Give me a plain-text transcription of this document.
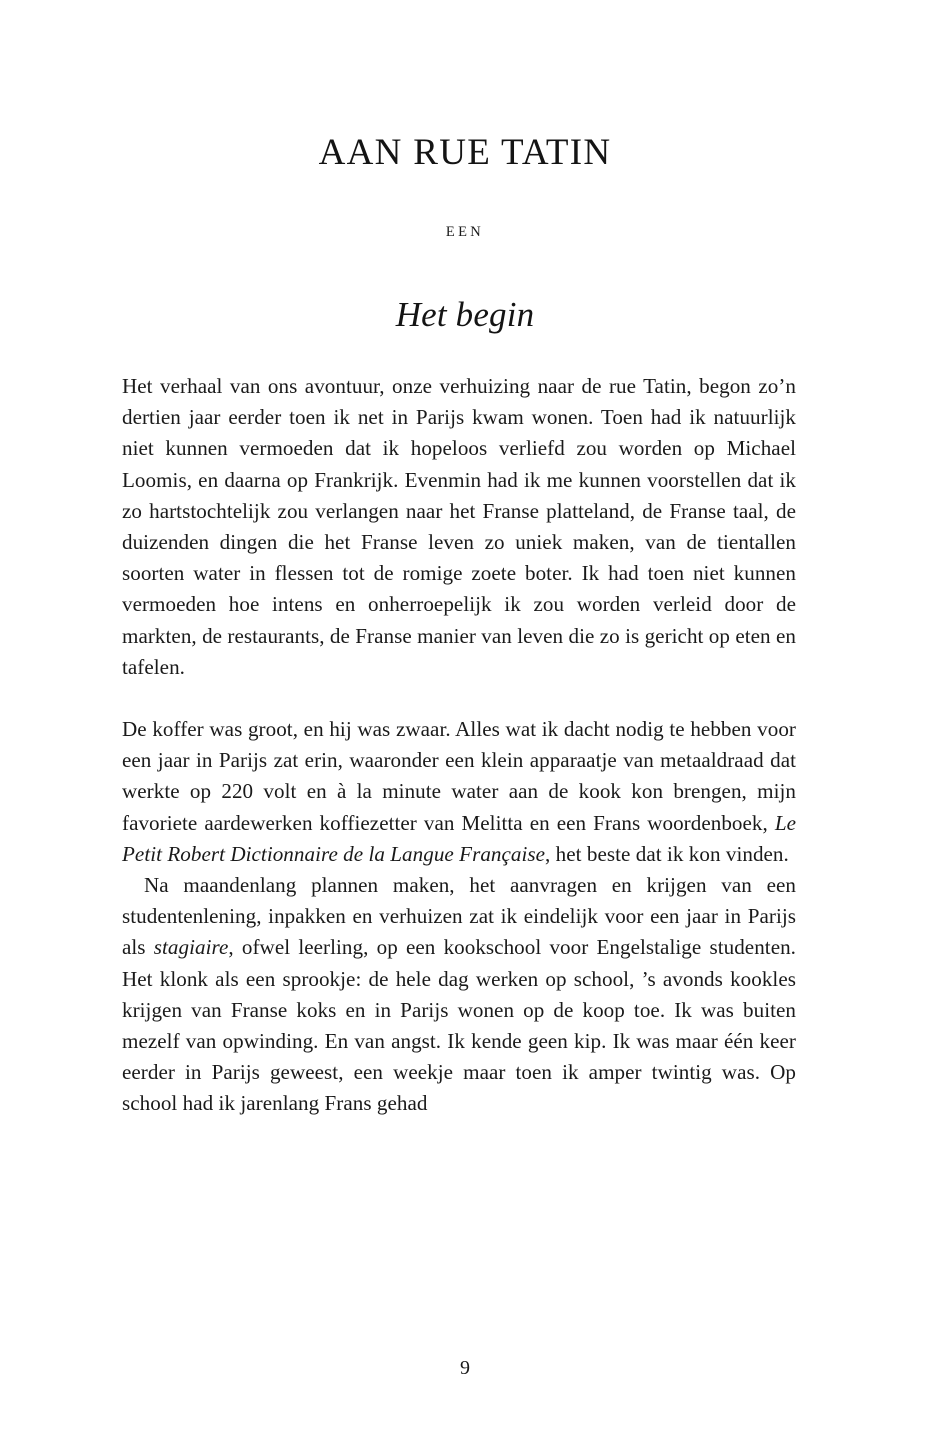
AAN RUE TATIN
EEN
Het begin

Het verhaal van ons avontuur, onze verhuizing naar de rue Tatin, begon zo’n dertien jaar eerder toen ik net in Parijs kwam wonen. Toen had ik natuurlijk niet kunnen vermoeden dat ik hopeloos verliefd zou worden op Michael Loomis, en daarna op Frankrijk. Evenmin had ik me kunnen voorstellen dat ik zo hartstochtelijk zou verlangen naar het Franse platteland, de Franse taal, de duizenden dingen die het Franse leven zo uniek maken, van de tientallen soorten water in flessen tot de romige zoete boter. Ik had toen niet kunnen vermoeden hoe intens en onherroepelijk ik zou worden verleid door de markten, de restaurants, de Franse manier van leven die zo is gericht op eten en tafelen.

De koffer was groot, en hij was zwaar. Alles wat ik dacht nodig te hebben voor een jaar in Parijs zat erin, waaronder een klein apparaatje van metaaldraad dat werkte op 220 volt en à la minute water aan de kook kon brengen, mijn favoriete aardewerken koffiezetter van Melitta en een Frans woordenboek, Le Petit Robert Dictionnaire de la Langue Française, het beste dat ik kon vinden.

Na maandenlang plannen maken, het aanvragen en krijgen van een studentenlening, inpakken en verhuizen zat ik eindelijk voor een jaar in Parijs als stagiaire, ofwel leerling, op een kookschool voor Engelstalige studenten. Het klonk als een sprookje: de hele dag werken op school, ’s avonds kookles krijgen van Franse koks en in Parijs wonen op de koop toe. Ik was buiten mezelf van opwinding. En van angst. Ik kende geen kip. Ik was maar één keer eerder in Parijs geweest, een weekje maar toen ik amper twintig was. Op school had ik jarenlang Frans gehad

9
